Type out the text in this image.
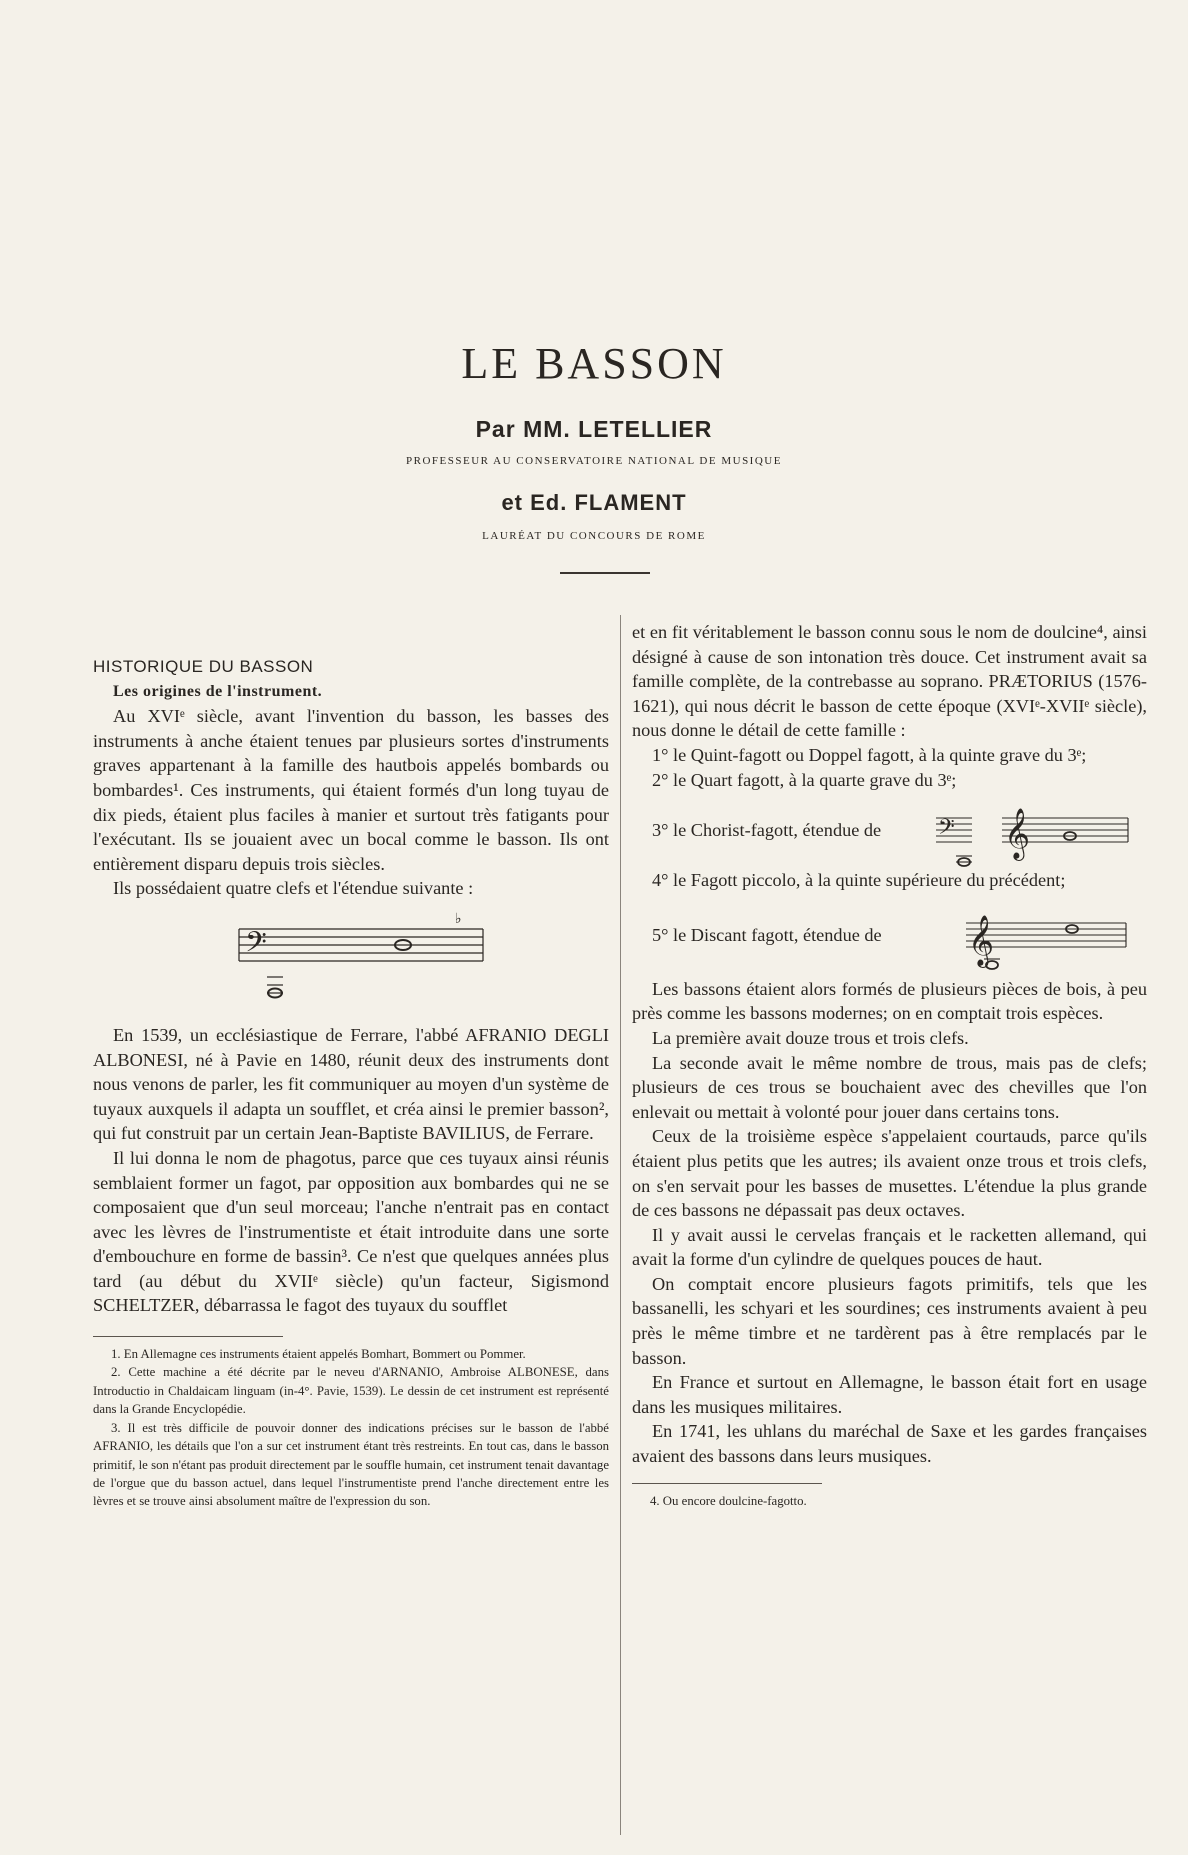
LE BASSON
Par MM. LETELLIER
PROFESSEUR AU CONSERVATOIRE NATIONAL DE MUSIQUE
et Ed. FLAMENT
LAURÉAT DU CONCOURS DE ROME

HISTORIQUE DU BASSON

Les origines de l'instrument.

Au XVIᵉ siècle, avant l'invention du basson, les basses des instruments à anche étaient tenues par plusieurs sortes d'instruments graves appartenant à la famille des hautbois appelés bombards ou bombardes¹. Ces instruments, qui étaient formés d'un long tuyau de dix pieds, étaient plus faciles à manier et surtout très fatigants pour l'exécutant. Ils se jouaient avec un bocal comme le basson. Ils ont entièrement disparu depuis trois siècles.

Ils possédaient quatre clefs et l'étendue suivante :

𝄢
♭

En 1539, un ecclésiastique de Ferrare, l'abbé AFRANIO DEGLI ALBONESI, né à Pavie en 1480, réunit deux des instruments dont nous venons de parler, les fit communiquer au moyen d'un système de tuyaux auxquels il adapta un soufflet, et créa ainsi le premier basson², qui fut construit par un certain Jean-Baptiste BAVILIUS, de Ferrare.

Il lui donna le nom de phagotus, parce que ces tuyaux ainsi réunis semblaient former un fagot, par opposition aux bombardes qui ne se composaient que d'un seul morceau; l'anche n'entrait pas en contact avec les lèvres de l'instrumentiste et était introduite dans une sorte d'embouchure en forme de bassin³. Ce n'est que quelques années plus tard (au début du XVIIᵉ siècle) qu'un facteur, Sigismond SCHELTZER, débarrassa le fagot des tuyaux du soufflet

1. En Allemagne ces instruments étaient appelés Bomhart, Bommert ou Pommer.

2. Cette machine a été décrite par le neveu d'ARNANIO, Ambroise ALBONESE, dans Introductio in Chaldaicam linguam (in-4°. Pavie, 1539). Le dessin de cet instrument est représenté dans la Grande Encyclopédie.

3. Il est très difficile de pouvoir donner des indications précises sur le basson de l'abbé AFRANIO, les détails que l'on a sur cet instrument étant très restreints. En tout cas, dans le basson primitif, le son n'étant pas produit directement par le souffle humain, cet instrument tenait davantage de l'orgue que du basson actuel, dans lequel l'instrumentiste prend l'anche directement entre les lèvres et se trouve ainsi absolument maître de l'expression du son.

et en fit véritablement le basson connu sous le nom de doulcine⁴, ainsi désigné à cause de son intonation très douce. Cet instrument avait sa famille complète, de la contrebasse au soprano. PRÆTORIUS (1576-1621), qui nous décrit le basson de cette époque (XVIᵉ-XVIIᵉ siècle), nous donne le détail de cette famille :

1° le Quint-fagott ou Doppel fagott, à la quinte grave du 3ᵉ;

2° le Quart fagott, à la quarte grave du 3ᵉ;

3° le Chorist-fagott, étendue de 𝄢 𝄞

4° le Fagott piccolo, à la quinte supérieure du précédent;

5° le Discant fagott, étendue de 𝄞

Les bassons étaient alors formés de plusieurs pièces de bois, à peu près comme les bassons modernes; on en comptait trois espèces.

La première avait douze trous et trois clefs.

La seconde avait le même nombre de trous, mais pas de clefs; plusieurs de ces trous se bouchaient avec des chevilles que l'on enlevait ou mettait à volonté pour jouer dans certains tons.

Ceux de la troisième espèce s'appelaient courtauds, parce qu'ils étaient plus petits que les autres; ils avaient onze trous et trois clefs, on s'en servait pour les basses de musettes. L'étendue la plus grande de ces bassons ne dépassait pas deux octaves.

Il y avait aussi le cervelas français et le racketten allemand, qui avait la forme d'un cylindre de quelques pouces de haut.

On comptait encore plusieurs fagots primitifs, tels que les bassanelli, les schyari et les sourdines; ces instruments avaient à peu près le même timbre et ne tardèrent pas à être remplacés par le basson.

En France et surtout en Allemagne, le basson était fort en usage dans les musiques militaires.

En 1741, les uhlans du maréchal de Saxe et les gardes françaises avaient des bassons dans leurs musiques.

4. Ou encore doulcine-fagotto.
